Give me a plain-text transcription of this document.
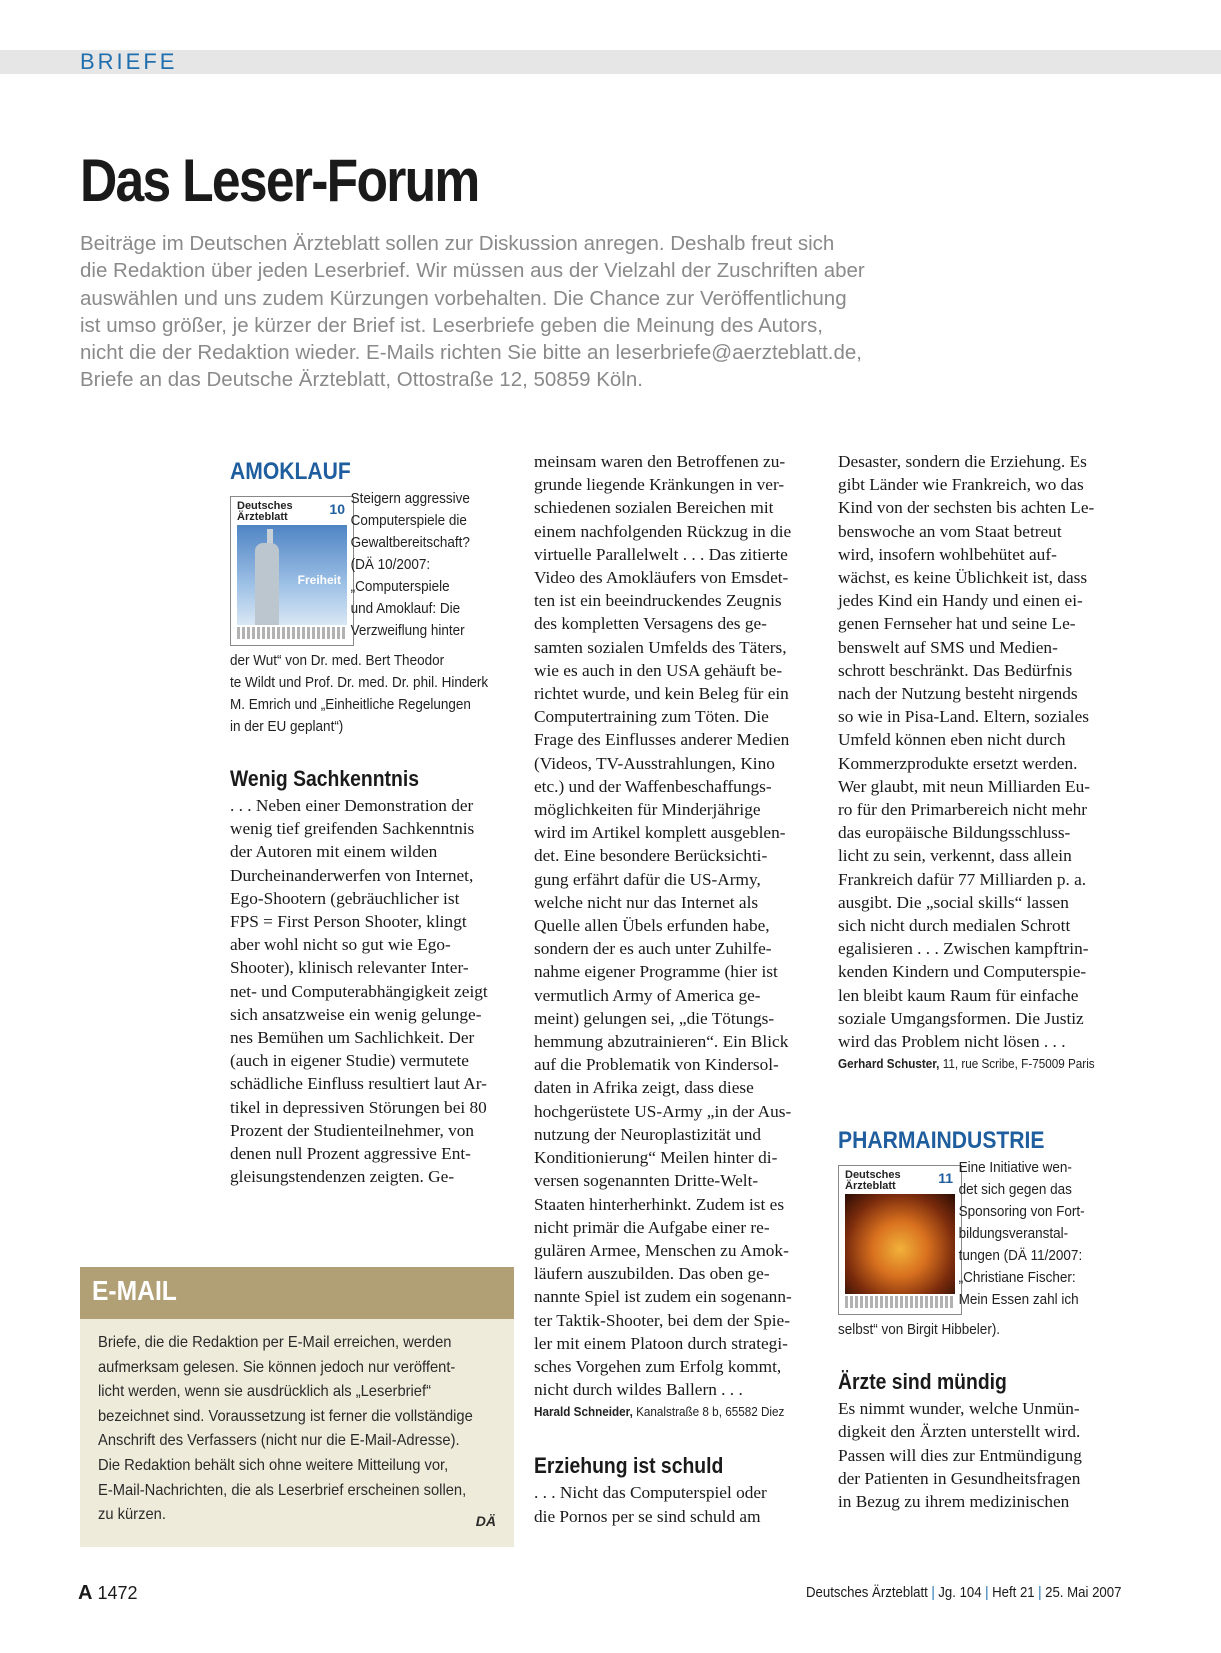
BRIEFE
Das Leser-Forum
Beiträge im Deutschen Ärzteblatt sollen zur Diskussion anregen. Deshalb freut sich
die Redaktion über jeden Leserbrief. Wir müssen aus der Vielzahl der Zuschriften aber
auswählen und uns zudem Kürzungen vorbehalten. Die Chance zur Veröffentlichung
ist umso größer, je kürzer der Brief ist. Leserbriefe geben die Meinung des Autors,
nicht die der Redaktion wieder. E-Mails richten Sie bitte an leserbriefe@aerzteblatt.de,
Briefe an das Deutsche Ärzteblatt, Ottostraße 12, 50859 Köln.
AMOKLAUF
Deutsches
Ärzteblatt	10
Freiheit
Steigern aggressive
Computerspiele die
Gewaltbereitschaft?
(DÄ 10/2007:
„Computerspiele
und Amoklauf: Die
Verzweiflung hinter
der Wut“ von Dr. med. Bert Theodor
te Wildt und Prof. Dr. med. Dr. phil. Hinderk
M. Emrich und „Einheitliche Regelungen
in der EU geplant“)
Wenig Sachkenntnis
. . . Neben einer Demonstration der
wenig tief greifenden Sachkenntnis
der Autoren mit einem wilden
Durcheinanderwerfen von Internet,
Ego-Shootern (gebräuchlicher ist
FPS = First Person Shooter, klingt
aber wohl nicht so gut wie Ego-
Shooter), klinisch relevanter Inter-
net- und Computerabhängigkeit zeigt
sich ansatzweise ein wenig gelunge-
nes Bemühen um Sachlichkeit. Der
(auch in eigener Studie) vermutete
schädliche Einfluss resultiert laut Ar-
tikel in depressiven Störungen bei 80
Prozent der Studienteilnehmer, von
denen null Prozent aggressive Ent-
gleisungstendenzen zeigten. Ge-
meinsam waren den Betroffenen zu-
grunde liegende Kränkungen in ver-
schiedenen sozialen Bereichen mit
einem nachfolgenden Rückzug in die
virtuelle Parallelwelt . . . Das zitierte
Video des Amokläufers von Emsdet-
ten ist ein beeindruckendes Zeugnis
des kompletten Versagens des ge-
samten sozialen Umfelds des Täters,
wie es auch in den USA gehäuft be-
richtet wurde, und kein Beleg für ein
Computertraining zum Töten. Die
Frage des Einflusses anderer Medien
(Videos, TV-Ausstrahlungen, Kino
etc.) und der Waffenbeschaffungs-
möglichkeiten für Minderjährige
wird im Artikel komplett ausgeblen-
det. Eine besondere Berücksichti-
gung erfährt dafür die US-Army,
welche nicht nur das Internet als
Quelle allen Übels erfunden habe,
sondern der es auch unter Zuhilfe-
nahme eigener Programme (hier ist
vermutlich Army of America ge-
meint) gelungen sei, „die Tötungs-
hemmung abzutrainieren“. Ein Blick
auf die Problematik von Kindersol-
daten in Afrika zeigt, dass diese
hochgerüstete US-Army „in der Aus-
nutzung der Neuroplastizität und
Konditionierung“ Meilen hinter di-
versen sogenannten Dritte-Welt-
Staaten hinterherhinkt. Zudem ist es
nicht primär die Aufgabe einer re-
gulären Armee, Menschen zu Amok-
läufern auszubilden. Das oben ge-
nannte Spiel ist zudem ein sogenann-
ter Taktik-Shooter, bei dem der Spie-
ler mit einem Platoon durch strategi-
sches Vorgehen zum Erfolg kommt,
nicht durch wildes Ballern . . .
Harald Schneider, Kanalstraße 8 b, 65582 Diez
Erziehung ist schuld
. . . Nicht das Computerspiel oder
die Pornos per se sind schuld am
Desaster, sondern die Erziehung. Es
gibt Länder wie Frankreich, wo das
Kind von der sechsten bis achten Le-
benswoche an vom Staat betreut
wird, insofern wohlbehütet auf-
wächst, es keine Üblichkeit ist, dass
jedes Kind ein Handy und einen ei-
genen Fernseher hat und seine Le-
benswelt auf SMS und Medien-
schrott beschränkt. Das Bedürfnis
nach der Nutzung besteht nirgends
so wie in Pisa-Land. Eltern, soziales
Umfeld können eben nicht durch
Kommerzprodukte ersetzt werden.
Wer glaubt, mit neun Milliarden Eu-
ro für den Primarbereich nicht mehr
das europäische Bildungsschluss-
licht zu sein, verkennt, dass allein
Frankreich dafür 77 Milliarden p. a.
ausgibt. Die „social skills“ lassen
sich nicht durch medialen Schrott
egalisieren . . . Zwischen kampftrin-
kenden Kindern und Computerspie-
len bleibt kaum Raum für einfache
soziale Umgangsformen. Die Justiz
wird das Problem nicht lösen . . .
Gerhard Schuster, 11, rue Scribe, F-75009 Paris
PHARMAINDUSTRIE
Deutsches
Ärzteblatt	11
Eine Initiative wen-
det sich gegen das
Sponsoring von Fort-
bildungsveranstal-
tungen (DÄ 11/2007:
„Christiane Fischer:
Mein Essen zahl ich
selbst“ von Birgit Hibbeler).
Ärzte sind mündig
Es nimmt wunder, welche Unmün-
digkeit den Ärzten unterstellt wird.
Passen will dies zur Entmündigung
der Patienten in Gesundheitsfragen
in Bezug zu ihrem medizinischen
E-MAIL
Briefe, die die Redaktion per E-Mail erreichen, werden
aufmerksam gelesen. Sie können jedoch nur veröffent-
licht werden, wenn sie ausdrücklich als „Leserbrief“
bezeichnet sind. Voraussetzung ist ferner die vollständige
Anschrift des Verfassers (nicht nur die E-Mail-Adresse).
Die Redaktion behält sich ohne weitere Mitteilung vor,
E-Mail-Nachrichten, die als Leserbrief erscheinen sollen,
zu kürzen.	DÄ
A 1472	Deutsches Ärzteblatt | Jg. 104 | Heft 21 | 25. Mai 2007
